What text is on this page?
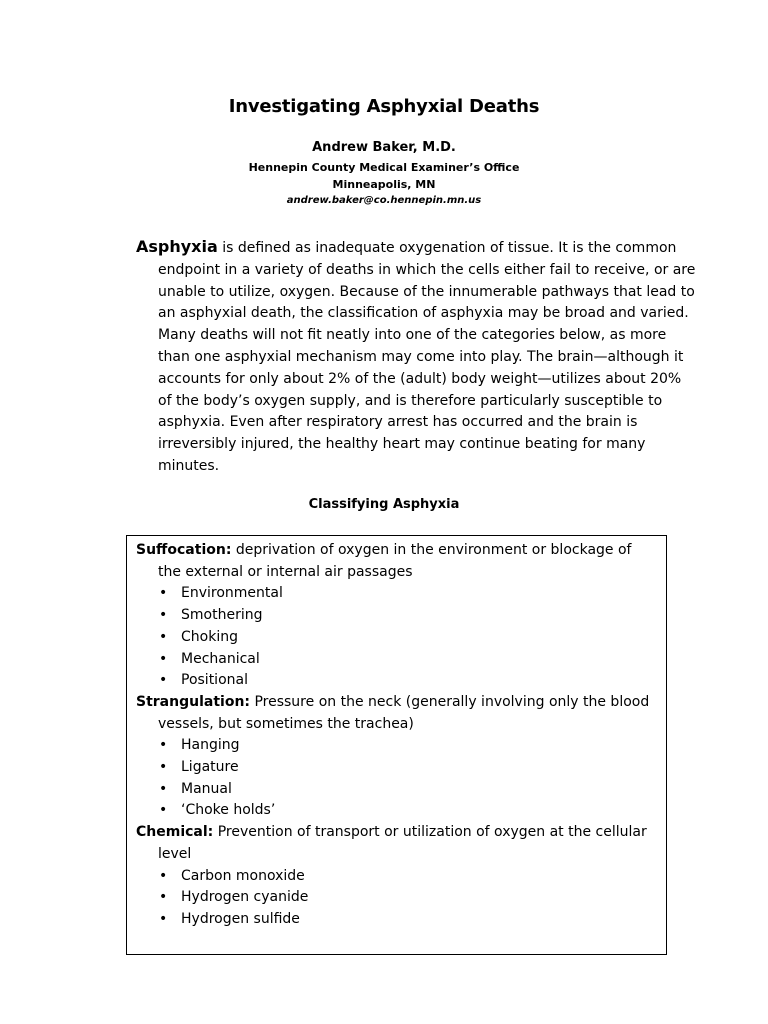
Investigating Asphyxial Deaths
Andrew Baker, M.D.
Hennepin County Medical Examiner’s Office
Minneapolis, MN
andrew.baker@co.hennepin.mn.us
Asphyxia is defined as inadequate oxygenation of tissue. It is the common endpoint in a variety of deaths in which the cells either fail to receive, or are unable to utilize, oxygen. Because of the innumerable pathways that lead to an asphyxial death, the classification of asphyxia may be broad and varied. Many deaths will not fit neatly into one of the categories below, as more than one asphyxial mechanism may come into play. The brain—although it accounts for only about 2% of the (adult) body weight—utilizes about 20% of the body’s oxygen supply, and is therefore particularly susceptible to asphyxia. Even after respiratory arrest has occurred and the brain is irreversibly injured, the healthy heart may continue beating for many minutes.
Classifying Asphyxia
Suffocation: deprivation of oxygen in the environment or blockage of the external or internal air passages
• Environmental
• Smothering
• Choking
• Mechanical
• Positional
Strangulation: Pressure on the neck (generally involving only the blood vessels, but sometimes the trachea)
• Hanging
• Ligature
• Manual
• ‘Choke holds’
Chemical: Prevention of transport or utilization of oxygen at the cellular level
• Carbon monoxide
• Hydrogen cyanide
• Hydrogen sulfide
